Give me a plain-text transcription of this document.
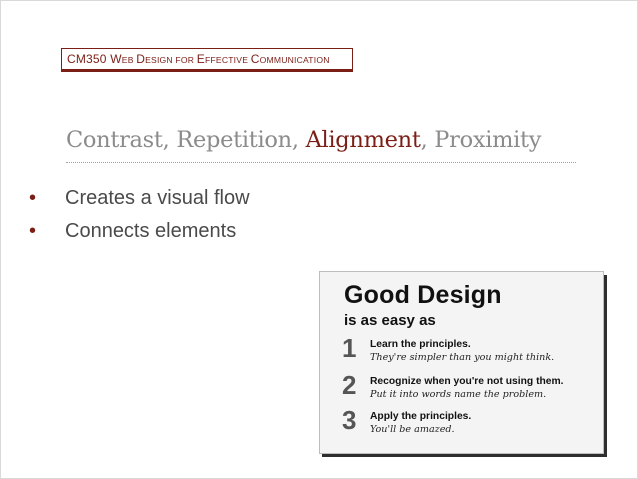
CM350 WEB DESIGN FOR EFFECTIVE COMMUNICATION
Contrast, Repetition, Alignment, Proximity
• Creates a visual flow
• Connects elements
Good Design
is as easy as
1 Learn the principles.
They're simpler than you might think.
2 Recognize when you're not using them.
Put it into words name the problem.
3 Apply the principles.
You'll be amazed.
